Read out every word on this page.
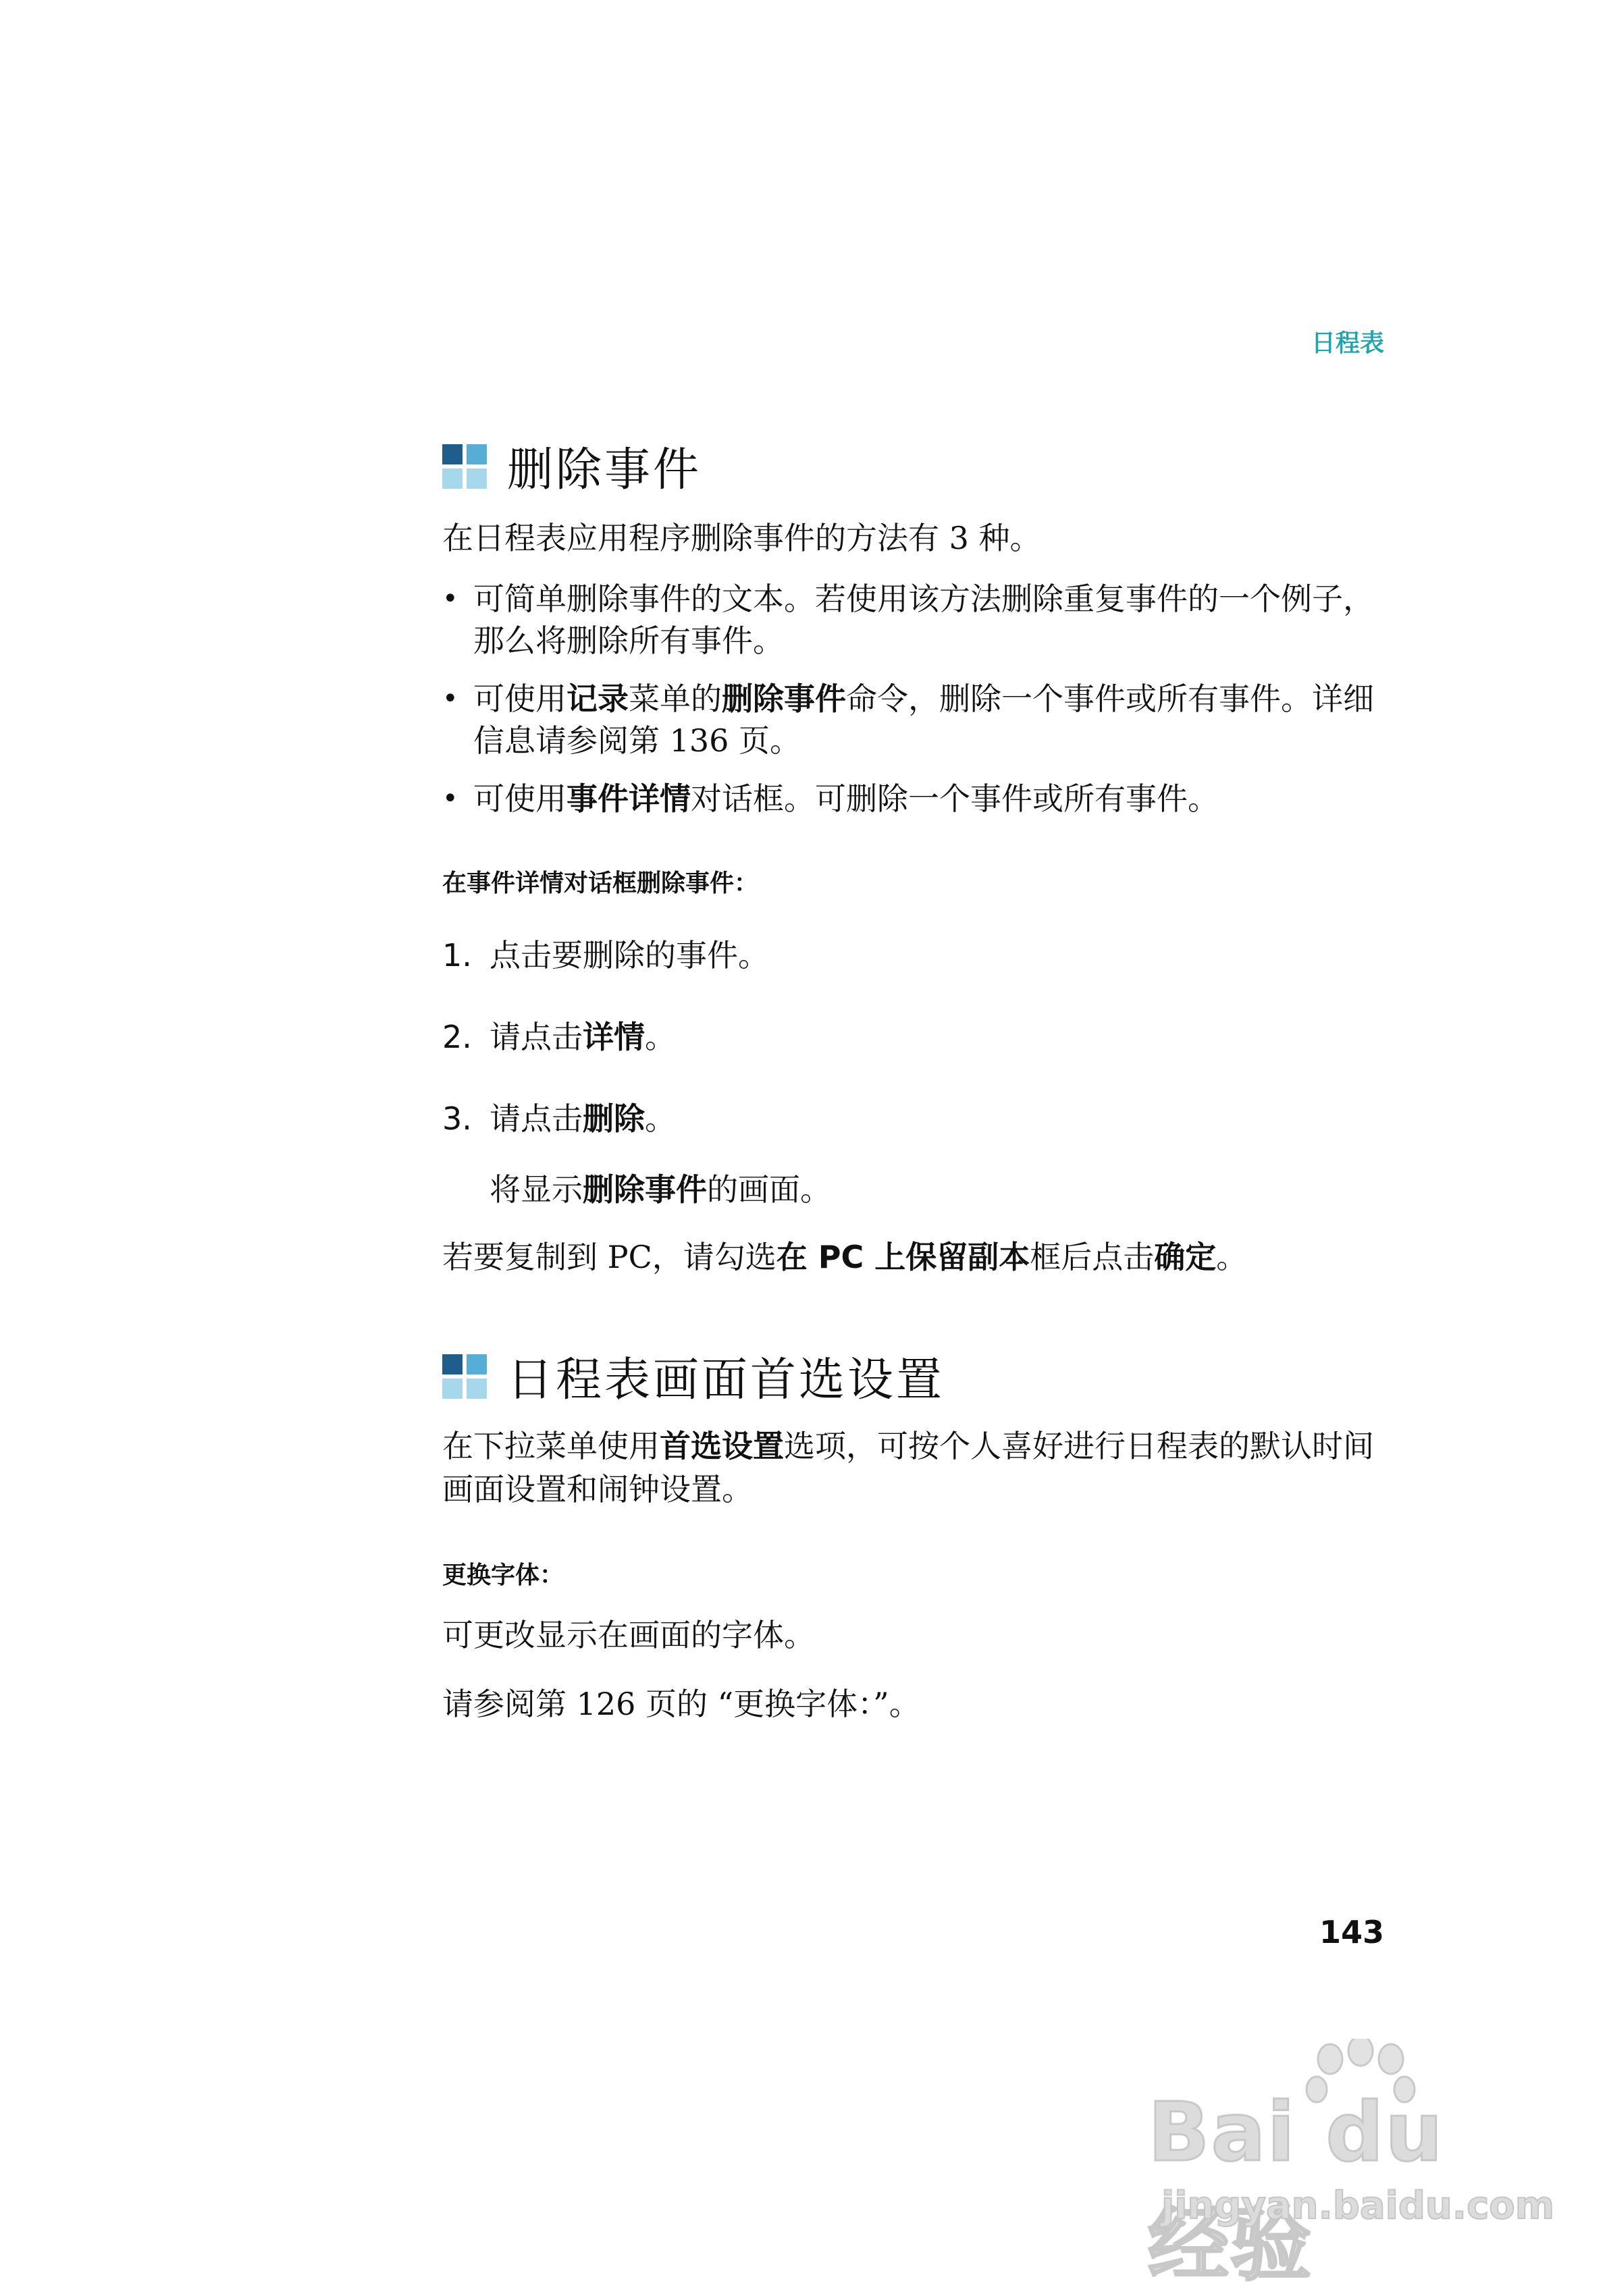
日程表
删除事件

在日程表应用程序删除事件的方法有 3 种。

• 可简单删除事件的文本。若使用该方法删除重复事件的一个例子，那么将删除所有事件。
• 可使用记录菜单的删除事件命令，删除一个事件或所有事件。详细信息请参阅第 136 页。
• 可使用事件详情对话框。可删除一个事件或所有事件。

在事件详情对话框删除事件：

1. 点击要删除的事件。
2. 请点击详情。
3. 请点击删除。

将显示删除事件的画面。

若要复制到 PC，请勾选在 PC 上保留副本框后点击确定。

日程表画面首选设置

在下拉菜单使用首选设置选项，可按个人喜好进行日程表的默认时间画面设置和闹钟设置。

更换字体：

可更改显示在画面的字体。

请参阅第 126 页的 “更换字体：”。

143
Bai du 经验
jingyan.baidu.com
